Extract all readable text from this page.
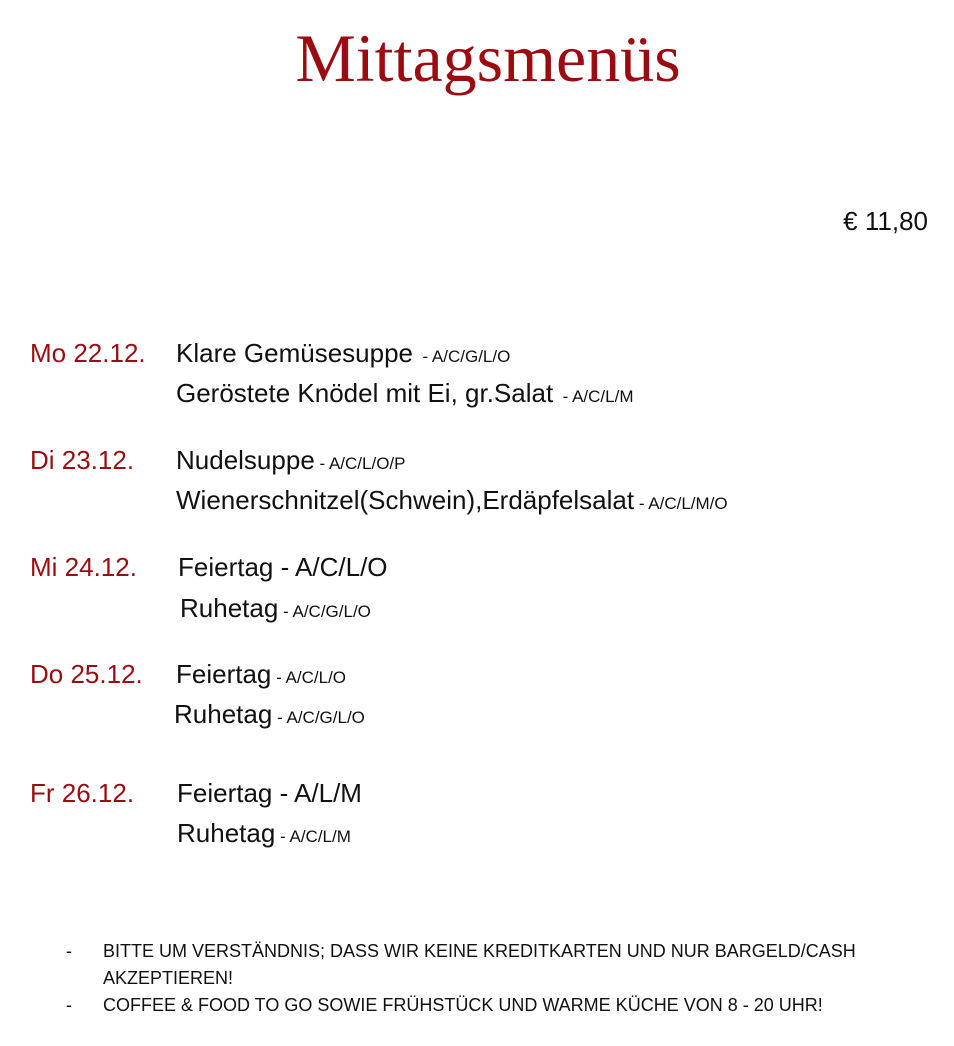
Mittagsmenüs
€ 11,80
Mo 22.12. Klare Gemüsesuppe  - A/C/G/L/O
Geröstete Knödel mit Ei, gr.Salat  - A/C/L/M
Di 23.12. Nudelsuppe - A/C/L/O/P
Wienerschnitzel(Schwein),Erdäpfelsalat - A/C/L/M/O
Mi 24.12. Feiertag - A/C/L/O
Ruhetag - A/C/G/L/O
Do 25.12. Feiertag - A/C/L/O
Ruhetag - A/C/G/L/O
Fr 26.12. Feiertag - A/L/M
Ruhetag - A/C/L/M
- BITTE UM VERSTÄNDNIS; DASS WIR KEINE KREDITKARTEN UND NUR BARGELD/CASH AKZEPTIEREN!
- COFFEE & FOOD TO GO SOWIE FRÜHSTÜCK UND WARME KÜCHE VON 8 - 20 UHR!
